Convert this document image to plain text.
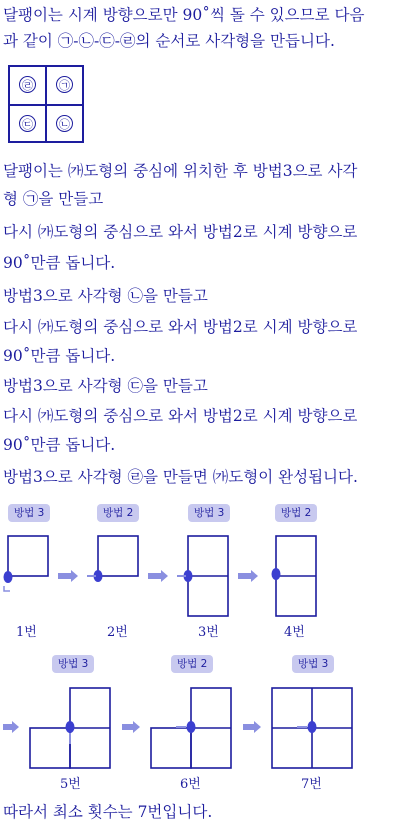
달팽이는 시계 방향으로만 90˚씩 돌 수 있으므로 다음

과 같이 ㉠-㉡-㉢-㉣의 순서로 사각형을 만듭니다.

㉣ ㉠
㉢ ㉡

달팽이는 ㈎도형의 중심에 위치한 후 방법3으로 사각

형 ㉠을 만들고

다시 ㈎도형의 중심으로 와서 방법2로 시계 방향으로

90˚만큼 돕니다.

방법3으로 사각형 ㉡을 만들고

다시 ㈎도형의 중심으로 와서 방법2로 시계 방향으로

90˚만큼 돕니다.

방법3으로 사각형 ㉢을 만들고

다시 ㈎도형의 중심으로 와서 방법2로 시계 방향으로

90˚만큼 돕니다.

방법3으로 사각형 ㉣을 만들면 ㈎도형이 완성됩니다.

방법 3	방법 2	방법 3	방법 2
방법 3	방법 2	방법 3
1번	2번	3번	4번
5번	6번	7번

따라서 최소 횟수는 7번입니다.
